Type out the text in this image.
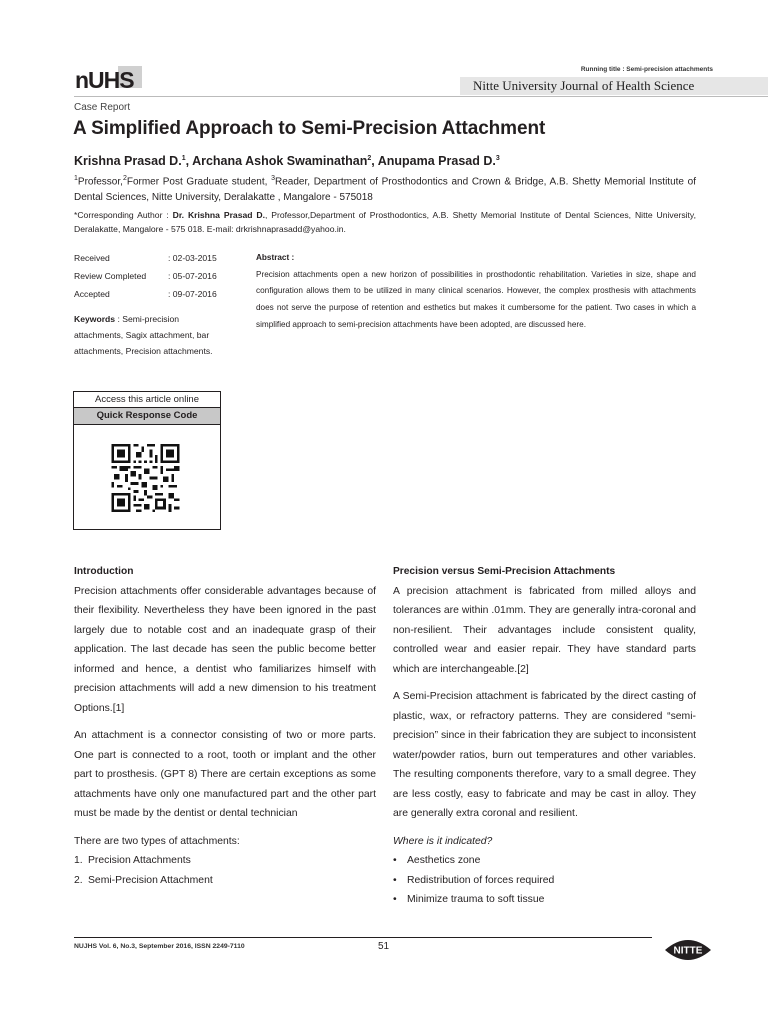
Running title : Semi-precision attachments
nUHS	Nitte University Journal of Health Science
Case Report
A Simplified Approach to Semi-Precision Attachment
Krishna Prasad D.$^1$, Archana Ashok Swaminathan$^2$, Anupama Prasad D.$^3$
$^1$Professor,$^2$Former Post Graduate student, $^3$Reader, Department of Prosthodontics and Crown & Bridge, A.B. Shetty Memorial Institute of Dental Sciences, Nitte University, Deralakatte , Mangalore - 575018
*Corresponding Author : Dr. Krishna Prasad D., Professor,Department of Prosthodontics, A.B. Shetty Memorial Institute of Dental Sciences, Nitte University, Deralakatte, Mangalore - 575 018. E-mail: drkrishnaprasadd@yahoo.in.
Received	: 02-03-2015
Review Completed	: 05-07-2016
Accepted	: 09-07-2016
Keywords : Semi-precision attachments, Sagix attachment, bar attachments, Precision attachments.
Abstract :
Precision attachments open a new horizon of possibilities in prosthodontic rehabilitation. Varieties in size, shape and configuration allows them to be utilized in many clinical scenarios. However, the complex prosthesis with attachments does not serve the purpose of retention and esthetics but makes it cumbersome for the patient. Two cases in which a simplified approach to semi-precision attachments have been adopted, are discussed here.
Access this article online
Quick Response Code
Introduction

Precision attachments offer considerable advantages because of their flexibility. Nevertheless they have been ignored in the past largely due to notable cost and an inadequate grasp of their application. The last decade has seen the public become better informed and hence, a dentist who familiarizes himself with precision attachments will add a new dimension to his treatment Options.[1]

An attachment is a connector consisting of two or more parts. One part is connected to a root, tooth or implant and the other part to prosthesis. (GPT 8) There are certain exceptions as some attachments have only one manufactured part and the other part must be made by the dentist or dental technician

There are two types of attachments:
1. Precision Attachments
2. Semi-Precision Attachment
Precision versus Semi-Precision Attachments

A precision attachment is fabricated from milled alloys and tolerances are within .01mm. They are generally intra-coronal and non-resilient. Their advantages include consistent quality, controlled wear and easier repair. They have standard parts which are interchangeable.[2]

A Semi-Precision attachment is fabricated by the direct casting of plastic, wax, or refractory patterns. They are considered “semi-precision” since in their fabrication they are subject to inconsistent water/powder ratios, burn out temperatures and other variables. The resulting components therefore, vary to a small degree. They are less costly, easy to fabricate and may be cast in alloy. They are generally extra coronal and resilient.

Where is it indicated?
• Aesthetics zone
• Redistribution of forces required
• Minimize trauma to soft tissue
NUJHS Vol. 6, No.3, September 2016, ISSN 2249-7110	51	NITTE
